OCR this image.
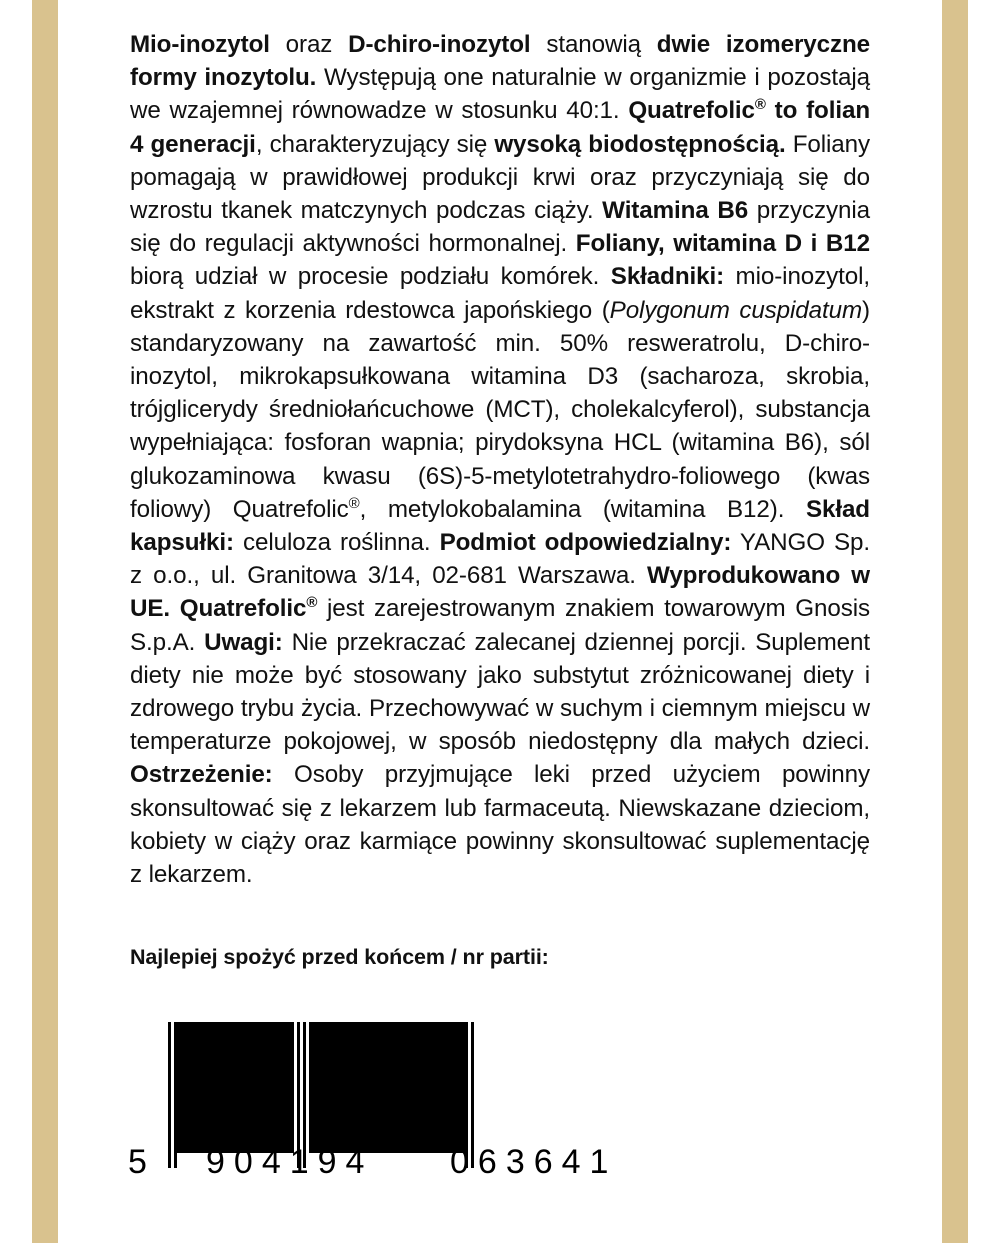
Mio-inozytol oraz D-chiro-inozytol stanowią dwie izomeryczne formy inozytolu. Występują one naturalnie w organizmie i pozostają we wzajemnej równowadze w stosunku 40:1. Quatrefolic® to folian 4 generacji, charakteryzujący się wysoką biodostępnością. Foliany pomagają w prawidłowej produkcji krwi oraz przyczyniają się do wzrostu tkanek matczynych podczas ciąży. Witamina B6 przyczynia się do regulacji aktywności hormonalnej. Foliany, witamina D i B12 biorą udział w procesie podziału komórek. Składniki: mio-inozytol, ekstrakt z korzenia rdestowca japońskiego (Polygonum cuspidatum) standaryzowany na zawartość min. 50% resweratrolu, D-chiro-inozytol, mikrokapsułkowana witamina D3 (sacharoza, skrobia, trójglicerydy średniołańcuchowe (MCT), cholekalcyferol), substancja wypełniająca: fosforan wapnia; pirydoksyna HCL (witamina B6), sól glukozaminowa kwasu (6S)-5-metylotetrahydro-foliowego (kwas foliowy) Quatrefolic®, metylokobalamina (witamina B12). Skład kapsułki: celuloza roślinna. Podmiot odpowiedzialny: YANGO Sp. z o.o., ul. Granitowa 3/14, 02-681 Warszawa. Wyprodukowano w UE. Quatrefolic® jest zarejestrowanym znakiem towarowym Gnosis S.p.A. Uwagi: Nie przekraczać zalecanej dziennej porcji. Suplement diety nie może być stosowany jako substytut zróżnicowanej diety i zdrowego trybu życia. Przechowywać w suchym i ciemnym miejscu w temperaturze pokojowej, w sposób niedostępny dla małych dzieci. Ostrzeżenie: Osoby przyjmujące leki przed użyciem powinny skonsultować się z lekarzem lub farmaceutą. Niewskazane dzieciom, kobiety w ciąży oraz karmiące powinny skonsultować suplementację z lekarzem.
Najlepiej spożyć przed końcem / nr partii:
5 904194 063641
